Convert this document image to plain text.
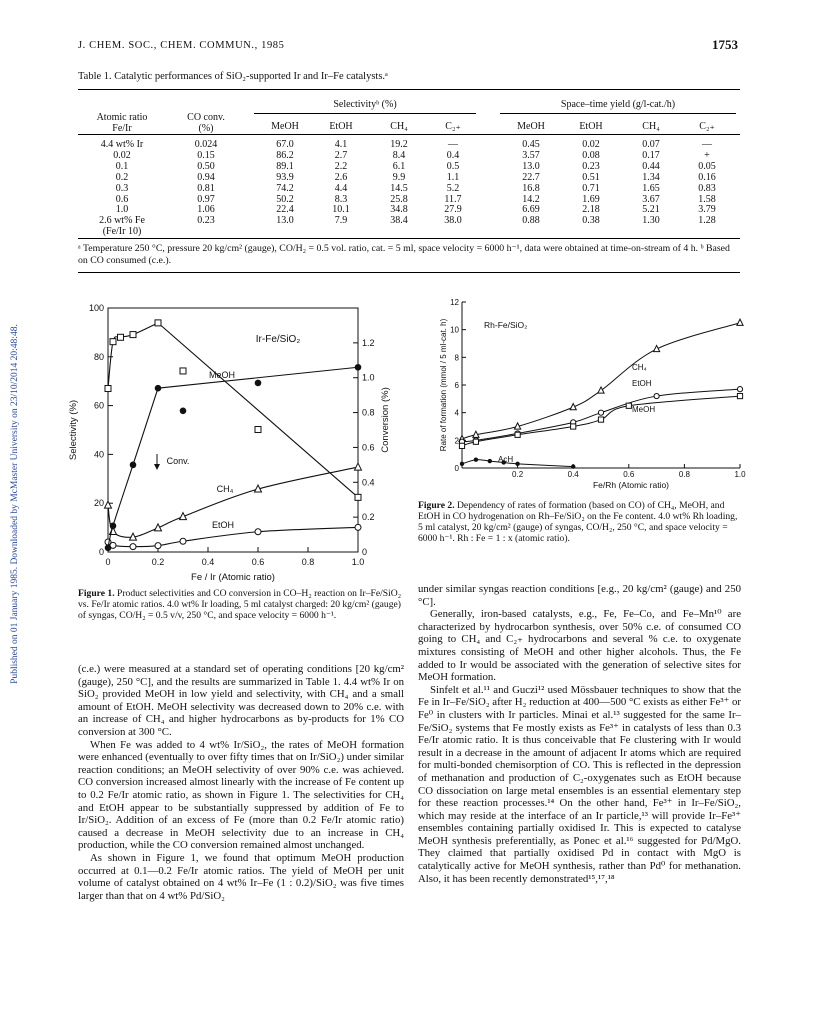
J. CHEM. SOC., CHEM. COMMUN., 1985	1753
Published on 01 January 1985. Downloaded by McMaster University on 23/10/2014 20:48:48.
Table 1. Catalytic performances of SiO₂-supported Ir and Ir–Fe catalysts.ᵃ
Atomic ratio
Fe/Ir
CO conv.
(%)
Selectivityᵇ (%)	Space–time yield (g/l-cat./h)
MeOH	EtOH	CH₄	C₂₊	MeOH	EtOH	CH₄	C₂₊
4.4 wt% Ir	0.024	67.0	4.1	19.2	—	0.45	0.02	0.07	—
0.02	0.15	86.2	2.7	8.4	0.4	3.57	0.08	0.17	+
0.1	0.50	89.1	2.2	6.1	0.5	13.0	0.23	0.44	0.05
0.2	0.94	93.9	2.6	9.9	1.1	22.7	0.51	1.34	0.16
0.3	0.81	74.2	4.4	14.5	5.2	16.8	0.71	1.65	0.83
0.6	0.97	50.2	8.3	25.8	11.7	14.2	1.69	3.67	1.58
1.0	1.06	22.4	10.1	34.8	27.9	6.69	2.18	5.21	3.79
2.6 wt% Fe	0.23	13.0	7.9	38.4	38.0	0.88	0.38	1.30	1.28
(Fe/Ir 10)
ᵃ Temperature 250 °C, pressure 20 kg/cm² (gauge), CO/H₂ = 0.5 vol. ratio, cat. = 5 ml, space velocity = 6000 h⁻¹, data were obtained at time-on-stream of 4 h. ᵇ Based on CO consumed (c.e.).
0	0.2	0.4	0.6	0.8	1.0
0
20
40
60
80
100
0
0.2
0.4
0.6
0.8
1.0
1.2
Fe / Ir (Atomic ratio)
Selectivity (%)	Conversion (%)
Ir-Fe/SiO₂
MeOH
CH₄
EtOH
Conv.
Figure 1. Product selectivities and CO conversion in CO–H₂ reaction on Ir–Fe/SiO₂ vs. Fe/Ir atomic ratios. 4.0 wt% Ir loading, 5 ml catalyst charged: 20 kg/cm² (gauge) of syngas, CO/H₂ = 0.5 v/v, 250 °C, and space velocity = 6000 h⁻¹.
0.2	0.4	0.6	0.8	1.0
0
2
4
6
8
10
12
Fe/Rh (Atomic ratio)
Rate of formation (mmol / 5 ml-cat. h)	Rh-Fe/SiO₂
CH₄
EtOH
MeOH
AcH
Figure 2. Dependency of rates of formation (based on CO) of CH₄, MeOH, and EtOH in CO hydrogenation on Rh–Fe/SiO₂ on the Fe content. 4.0 wt% Rh loading, 5 ml catalyst, 20 kg/cm² (gauge) of syngas, CO/H₂, 250 °C, and space velocity = 6000 h⁻¹. Rh : Fe = 1 : x (atomic ratio).

(c.e.) were measured at a standard set of operating conditions [20 kg/cm² (gauge), 250 °C], and the results are summarized in Table 1. 4.4 wt% Ir on SiO₂ provided MeOH in low yield and selectivity, with CH₄ and a small amount of EtOH. MeOH selectivity was decreased down to 20% c.e. with an increase of CH₄ and higher hydrocarbons as by-products for 1% CO conversion at 300 °C.

When Fe was added to 4 wt% Ir/SiO₂, the rates of MeOH formation were enhanced (eventually to over fifty times that on Ir/SiO₂) under similar reaction conditions; an MeOH selectivity of over 90% c.e. was achieved. CO conversion increased almost linearly with the increase of Fe content up to 0.2 Fe/Ir atomic ratio, as shown in Figure 1. The selectivities for CH₄ and EtOH appear to be substantially suppressed by addition of Fe to Ir/SiO₂. Addition of an excess of Fe (more than 0.2 Fe/Ir atomic ratio) caused a decrease in MeOH selectivity due to an increase in CH₄ production, while the CO conversion remained almost unchanged.

As shown in Figure 1, we found that optimum MeOH production occurred at 0.1—0.2 Fe/Ir atomic ratios. The yield of MeOH per unit volume of catalyst obtained on 4 wt% Ir–Fe (1 : 0.2)/SiO₂ was five times larger than that on 4 wt% Pd/SiO₂

under similar syngas reaction conditions [e.g., 20 kg/cm² (gauge) and 250 °C].

Generally, iron-based catalysts, e.g., Fe, Fe–Co, and Fe–Mn¹⁰ are characterized by hydrocarbon synthesis, over 50% c.e. of consumed CO going to CH₄ and C₂₊ hydrocarbons and several % c.e. to oxygenate mixtures consisting of MeOH and other higher alcohols. Thus, the Fe added to Ir would be associated with the generation of selective sites for MeOH formation.

Sinfelt et al.¹¹ and Guczi¹² used Mössbauer techniques to show that the Fe in Ir–Fe/SiO₂ after H₂ reduction at 400—500 °C exists as either Fe³⁺ or Fe⁰ in clusters with Ir particles. Minai et al.¹³ suggested for the same Ir–Fe/SiO₂ systems that Fe mostly exists as Fe³⁺ in catalysts of less than 0.3 Fe/Ir atomic ratio. It is thus conceivable that Fe clustering with Ir would result in a decrease in the amount of adjacent Ir atoms which are required for multi-bonded chemisorption of CO. This is reflected in the depression of methanation and production of C₂-oxygenates such as EtOH because CO dissociation on large metal ensembles is an essential elementary step for these reaction processes.¹⁴ On the other hand, Fe³⁺ in Ir–Fe/SiO₂, which may reside at the interface of an Ir particle,¹³ will provide Ir–Fe³⁺ ensembles containing partially oxidised Ir. This is expected to catalyse MeOH synthesis preferentially, as Ponec et al.¹⁶ suggested for Pd/MgO. They claimed that partially oxidised Pd in contact with MgO is catalytically active for MeOH synthesis, rather than Pd⁰ for methanation. Also, it has been recently demonstrated¹⁵,¹⁷,¹⁸
